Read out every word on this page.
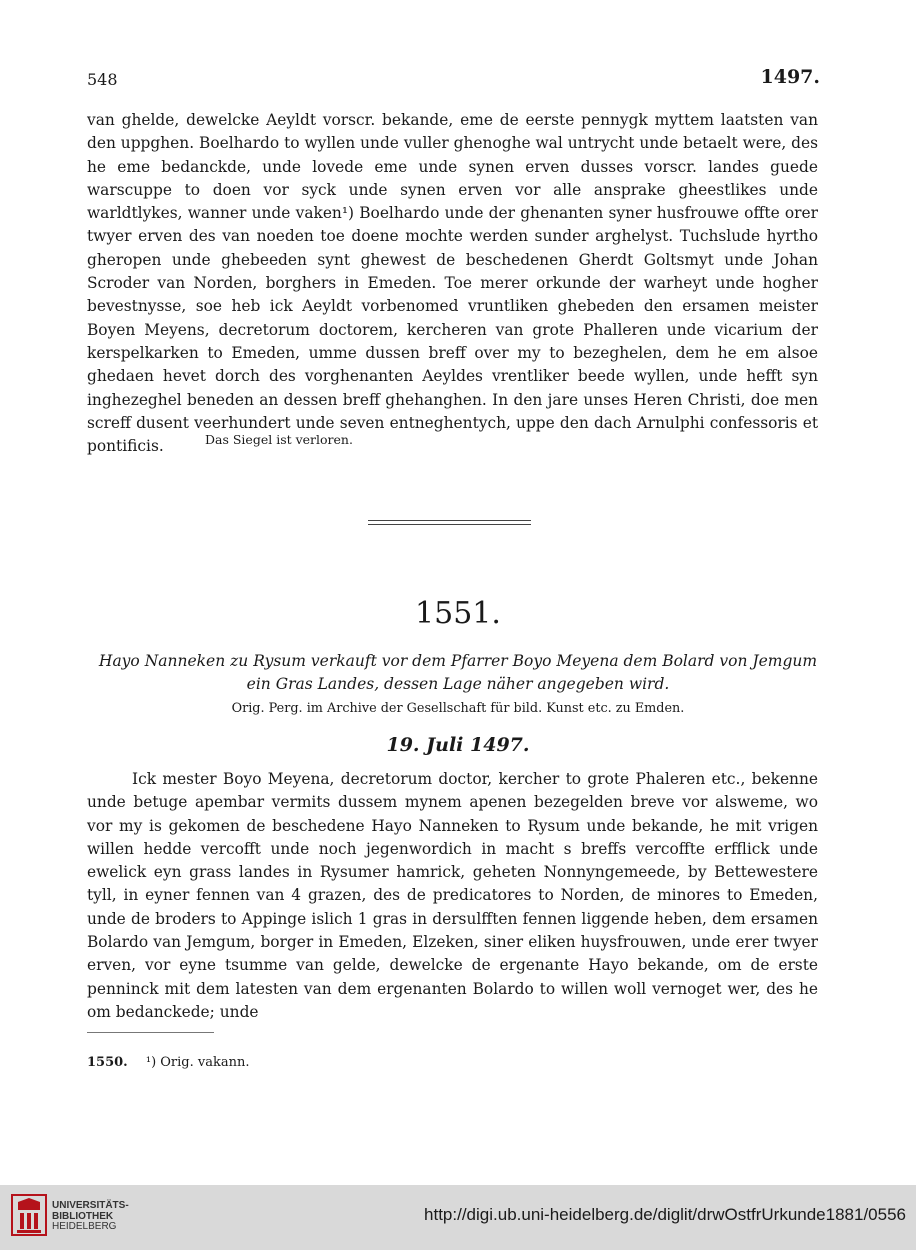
548	1497.

van ghelde, dewelcke Aeyldt vorscr. bekande, eme de eerste pennygk myttem laatsten van den uppghen. Boelhardo to wyllen unde vuller ghenoghe wal untrycht unde betaelt were, des he eme bedanckde, unde lovede eme unde synen erven dusses vorscr. landes guede warscuppe to doen vor syck unde synen erven vor alle ansprake gheestlikes unde warldtlykes, wanner unde vaken¹) Boelhardo unde der ghenanten syner husfrouwe offte orer twyer erven des van noeden toe doene mochte werden sunder arghelyst. Tuchslude hyrtho gheropen unde ghebeeden synt ghewest de beschedenen Gherdt Goltsmyt unde Johan Scroder van Norden, borghers in Emeden. Toe merer orkunde der warheyt unde hogher bevestnysse, soe heb ick Aeyldt vorbenomed vruntliken ghebeden den ersamen meister Boyen Meyens, decretorum doctorem, kercheren van grote Phalleren unde vicarium der kerspelkarken to Emeden, umme dussen breff over my to bezeghelen, dem he em alsoe ghedaen hevet dorch des vorghenanten Aeyldes vrentliker beede wyllen, unde hefft syn inghezeghel beneden an dessen breff ghehanghen. In den jare unses Heren Christi, doe men screff dusent veerhundert unde seven entneghentych, uppe den dach Arnulphi confessoris et pontificis.	Das Siegel ist verloren.
1551.
Hayo Nanneken zu Rysum verkauft vor dem Pfarrer Boyo Meyena dem Bolard von Jemgum ein Gras Landes, dessen Lage näher angegeben wird.
Orig. Perg. im Archive der Gesellschaft für bild. Kunst etc. zu Emden.
19. Juli 1497.

Ick mester Boyo Meyena, decretorum doctor, kercher to grote Phaleren etc., bekenne unde betuge apembar vermits dussem mynem apenen bezegelden breve vor alsweme, wo vor my is gekomen de beschedene Hayo Nanneken to Rysum unde bekande, he mit vrigen willen hedde vercofft unde noch jegenwordich in macht s breffs vercoffte erfflick unde ewelick eyn grass landes in Rysumer hamrick, geheten Nonnyngemeede, by Bettewestere tyll, in eyner fennen van 4 grazen, des de predicatores to Norden, de minores to Emeden, unde de broders to Appinge islich 1 gras in dersulfften fennen liggende heben, dem ersamen Bolardo van Jemgum, borger in Emeden, Elzeken, siner eliken huysfrouwen, unde erer twyer erven, vor eyne tsumme van gelde, dewelcke de ergenante Hayo bekande, om de erste penninck mit dem latesten van dem ergenanten Bolardo to willen woll vernoget wer, des he om bedanckede; unde

1550. ¹) Orig. vakann.
UNIVERSITÄTS-
BIBLIOTHEK
HEIDELBERG
http://digi.ub.uni-heidelberg.de/diglit/drwOstfrUrkunde1881/0556
